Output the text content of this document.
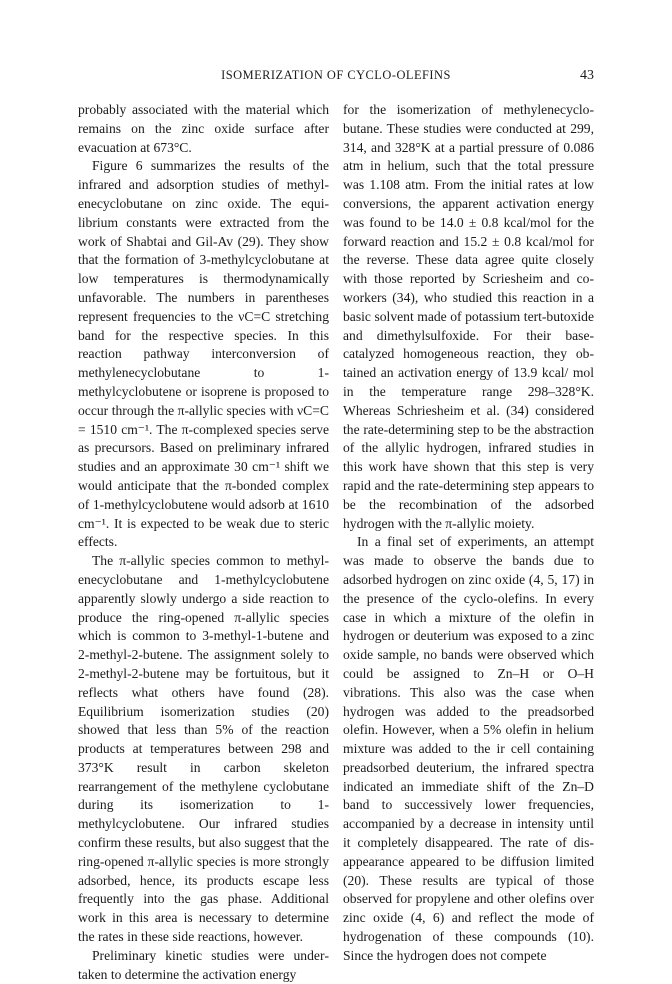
ISOMERIZATION OF CYCLO-OLEFINS	43

probably associated with the material which remains on the zinc oxide surface after evacuation at 673°C.

Figure 6 summarizes the results of the infrared and adsorption studies of methylenecyclobutane on zinc oxide. The equilibrium constants were extracted from the work of Shabtai and Gil-Av (29). They show that the formation of 3-methylcyclobutane at low temperatures is thermodynamically unfavorable. The numbers in parentheses represent frequencies to the νC=C stretching band for the respective species. In this reaction pathway interconversion of methylenecyclobutane to 1-methylcyclobutene or isoprene is proposed to occur through the π-allylic species with νC=C = 1510 cm⁻¹. The π-complexed species serve as precursors. Based on preliminary infrared studies and an approximate 30 cm⁻¹ shift we would anticipate that the π-bonded complex of 1-methylcyclobutene would adsorb at 1610 cm⁻¹. It is expected to be weak due to steric effects.

The π-allylic species common to methylenecyclobutane and 1-methylcyclobutene apparently slowly undergo a side reaction to produce the ring-opened π-allylic species which is common to 3-methyl-1-butene and 2-methyl-2-butene. The assignment solely to 2-methyl-2-butene may be fortuitous, but it reflects what others have found (28). Equilibrium isomerization studies (20) showed that less than 5% of the reaction products at temperatures between 298 and 373°K result in carbon skeleton rearrangement of the methylene cyclobutane during its isomerization to 1-methylcyclobutene. Our infrared studies confirm these results, but also suggest that the ring-opened π-allylic species is more strongly adsorbed, hence, its products escape less frequently into the gas phase. Additional work in this area is necessary to determine the rates in these side reactions, however.

Preliminary kinetic studies were undertaken to determine the activation energy

for the isomerization of methylenecyclobutane. These studies were conducted at 299, 314, and 328°K at a partial pressure of 0.086 atm in helium, such that the total pressure was 1.108 atm. From the initial rates at low conversions, the apparent activation energy was found to be 14.0 ± 0.8 kcal/mol for the forward reaction and 15.2 ± 0.8 kcal/mol for the reverse. These data agree quite closely with those reported by Scriesheim and co-workers (34), who studied this reaction in a basic solvent made of potassium tert-butoxide and dimethylsulfoxide. For their base-catalyzed homogeneous reaction, they obtained an activation energy of 13.9 kcal/ mol in the temperature range 298–328°K. Whereas Schriesheim et al. (34) considered the rate-determining step to be the abstraction of the allylic hydrogen, infrared studies in this work have shown that this step is very rapid and the rate-determining step appears to be the recombination of the adsorbed hydrogen with the π-allylic moiety.

In a final set of experiments, an attempt was made to observe the bands due to adsorbed hydrogen on zinc oxide (4, 5, 17) in the presence of the cyclo-olefins. In every case in which a mixture of the olefin in hydrogen or deuterium was exposed to a zinc oxide sample, no bands were observed which could be assigned to Zn–H or O–H vibrations. This also was the case when hydrogen was added to the preadsorbed olefin. However, when a 5% olefin in helium mixture was added to the ir cell containing preadsorbed deuterium, the infrared spectra indicated an immediate shift of the Zn–D band to successively lower frequencies, accompanied by a decrease in intensity until it completely disappeared. The rate of disappearance appeared to be diffusion limited (20). These results are typical of those observed for propylene and other olefins over zinc oxide (4, 6) and reflect the mode of hydrogenation of these compounds (10). Since the hydrogen does not compete
